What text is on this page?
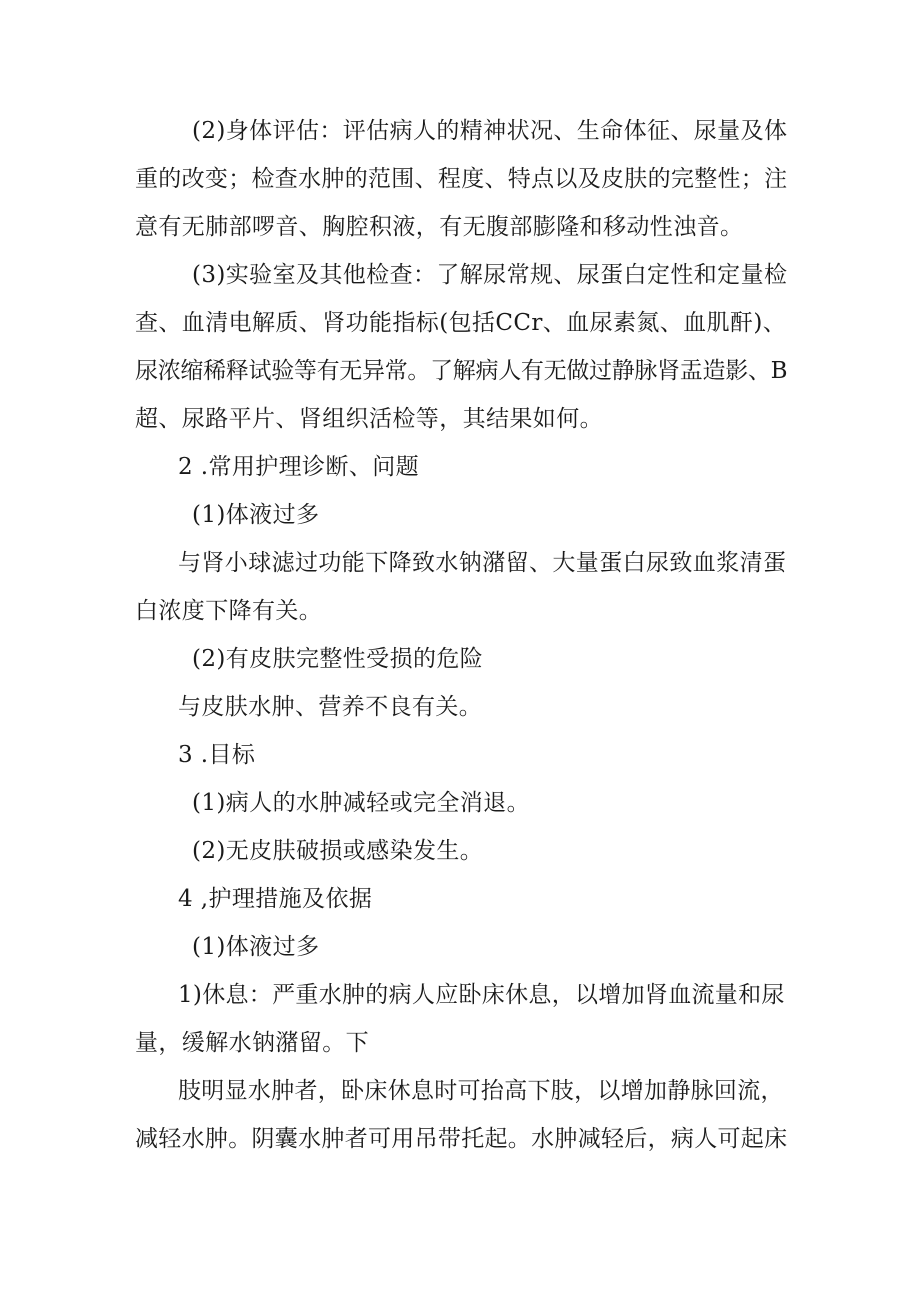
(2)身体评估：评估病人的精神状况、生命体征、尿量及体
重的改变；检查水肿的范围、程度、特点以及皮肤的完整性；注
意有无肺部啰音、胸腔积液，有无腹部膨隆和移动性浊音。
(3)实验室及其他检查：了解尿常规、尿蛋白定性和定量检
查、血清电解质、肾功能指标(包括CCr、血尿素氮、血肌酐)、
尿浓缩稀释试验等有无异常。了解病人有无做过静脉肾盂造影、B
超、尿路平片、肾组织活检等，其结果如何。
2 .常用护理诊断、问题
(1)体液过多
与肾小球滤过功能下降致水钠潴留、大量蛋白尿致血浆清蛋
白浓度下降有关。
(2)有皮肤完整性受损的危险
与皮肤水肿、营养不良有关。
3 .目标
(1)病人的水肿减轻或完全消退。
(2)无皮肤破损或感染发生。
4 ,护理措施及依据
(1)体液过多
1)休息：严重水肿的病人应卧床休息，以增加肾血流量和尿
量，缓解水钠潴留。下
肢明显水肿者，卧床休息时可抬高下肢，以增加静脉回流，
减轻水肿。阴囊水肿者可用吊带托起。水肿减轻后，病人可起床
